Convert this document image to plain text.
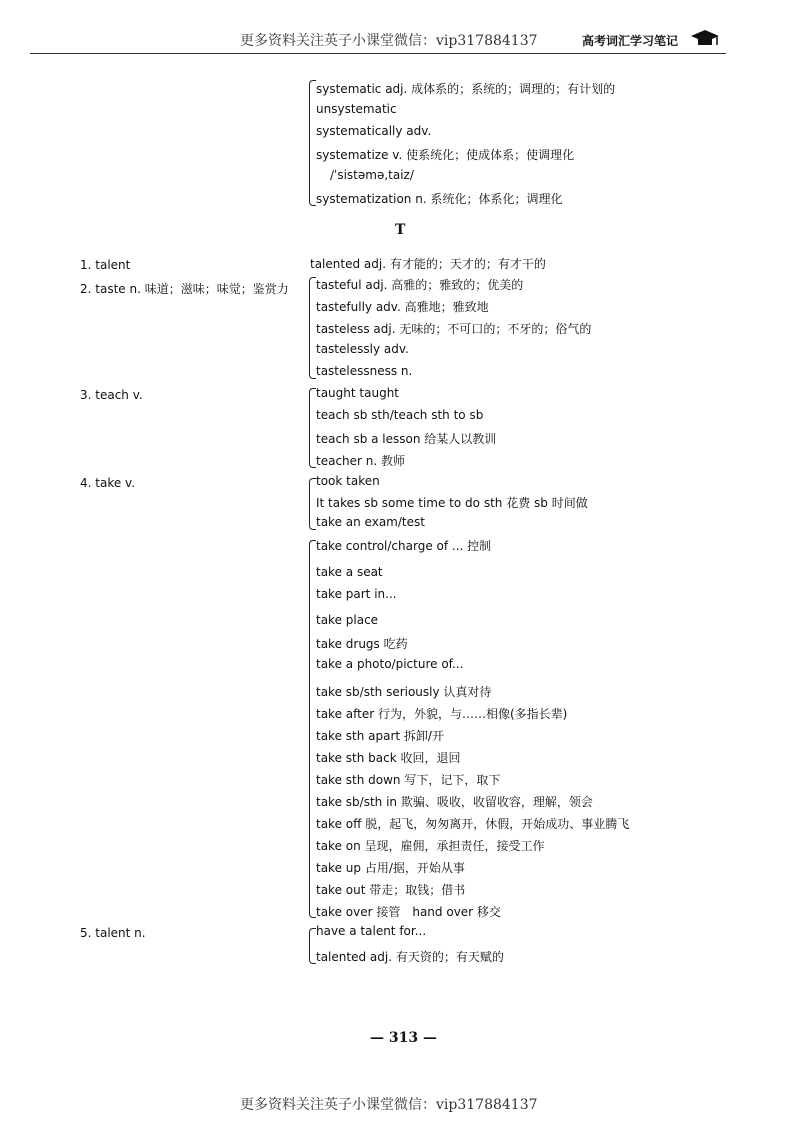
更多资料关注英子小课堂微信：vip317884137	高考词汇学习笔记
systematic adj. 成体系的；系统的；调理的；有计划的
unsystematic
systematically adv.
systematize v. 使系统化；使成体系；使调理化
/ˈsistəmə,taiz/
systematization n. 系统化；体系化；调理化
T
1. talent	talented adj. 有才能的；天才的；有才干的
2. taste n. 味道；滋味；味觉；鉴赏力 tasteful adj. 高雅的；雅致的；优美的
tastefully adv. 高雅地；雅致地
tasteless adj. 无味的；不可口的；不牙的；俗气的
tastelessly adv.
tastelessness n.
3. teach v.	taught taught
teach sb sth/teach sth to sb
teach sb a lesson 给某人以教训
teacher n. 教师
4. take v.	took taken
It takes sb some time to do sth 花费 sb 时间做
take an exam/test
take control/charge of ... 控制
take a seat
take part in...
take place
take drugs 吃药
take a photo/picture of...
take sb/sth seriously 认真对待
take after 行为，外貌，与……相像(多指长辈)
take sth apart 拆卸/开
take sth back 收回，退回
take sth down 写下，记下，取下
take sb/sth in 欺骗、吸收，收留收容，理解，领会
take off 脱，起飞，匆匆离开，休假，开始成功、事业腾飞
take on 呈现，雇佣，承担责任，接受工作
take up 占用/据，开始从事
take out 带走；取钱；借书
take over 接管　hand over 移交
5. talent n.	have a talent for...
talented adj. 有天资的；有天赋的
— 313 —
更多资料关注英子小课堂微信：vip317884137
